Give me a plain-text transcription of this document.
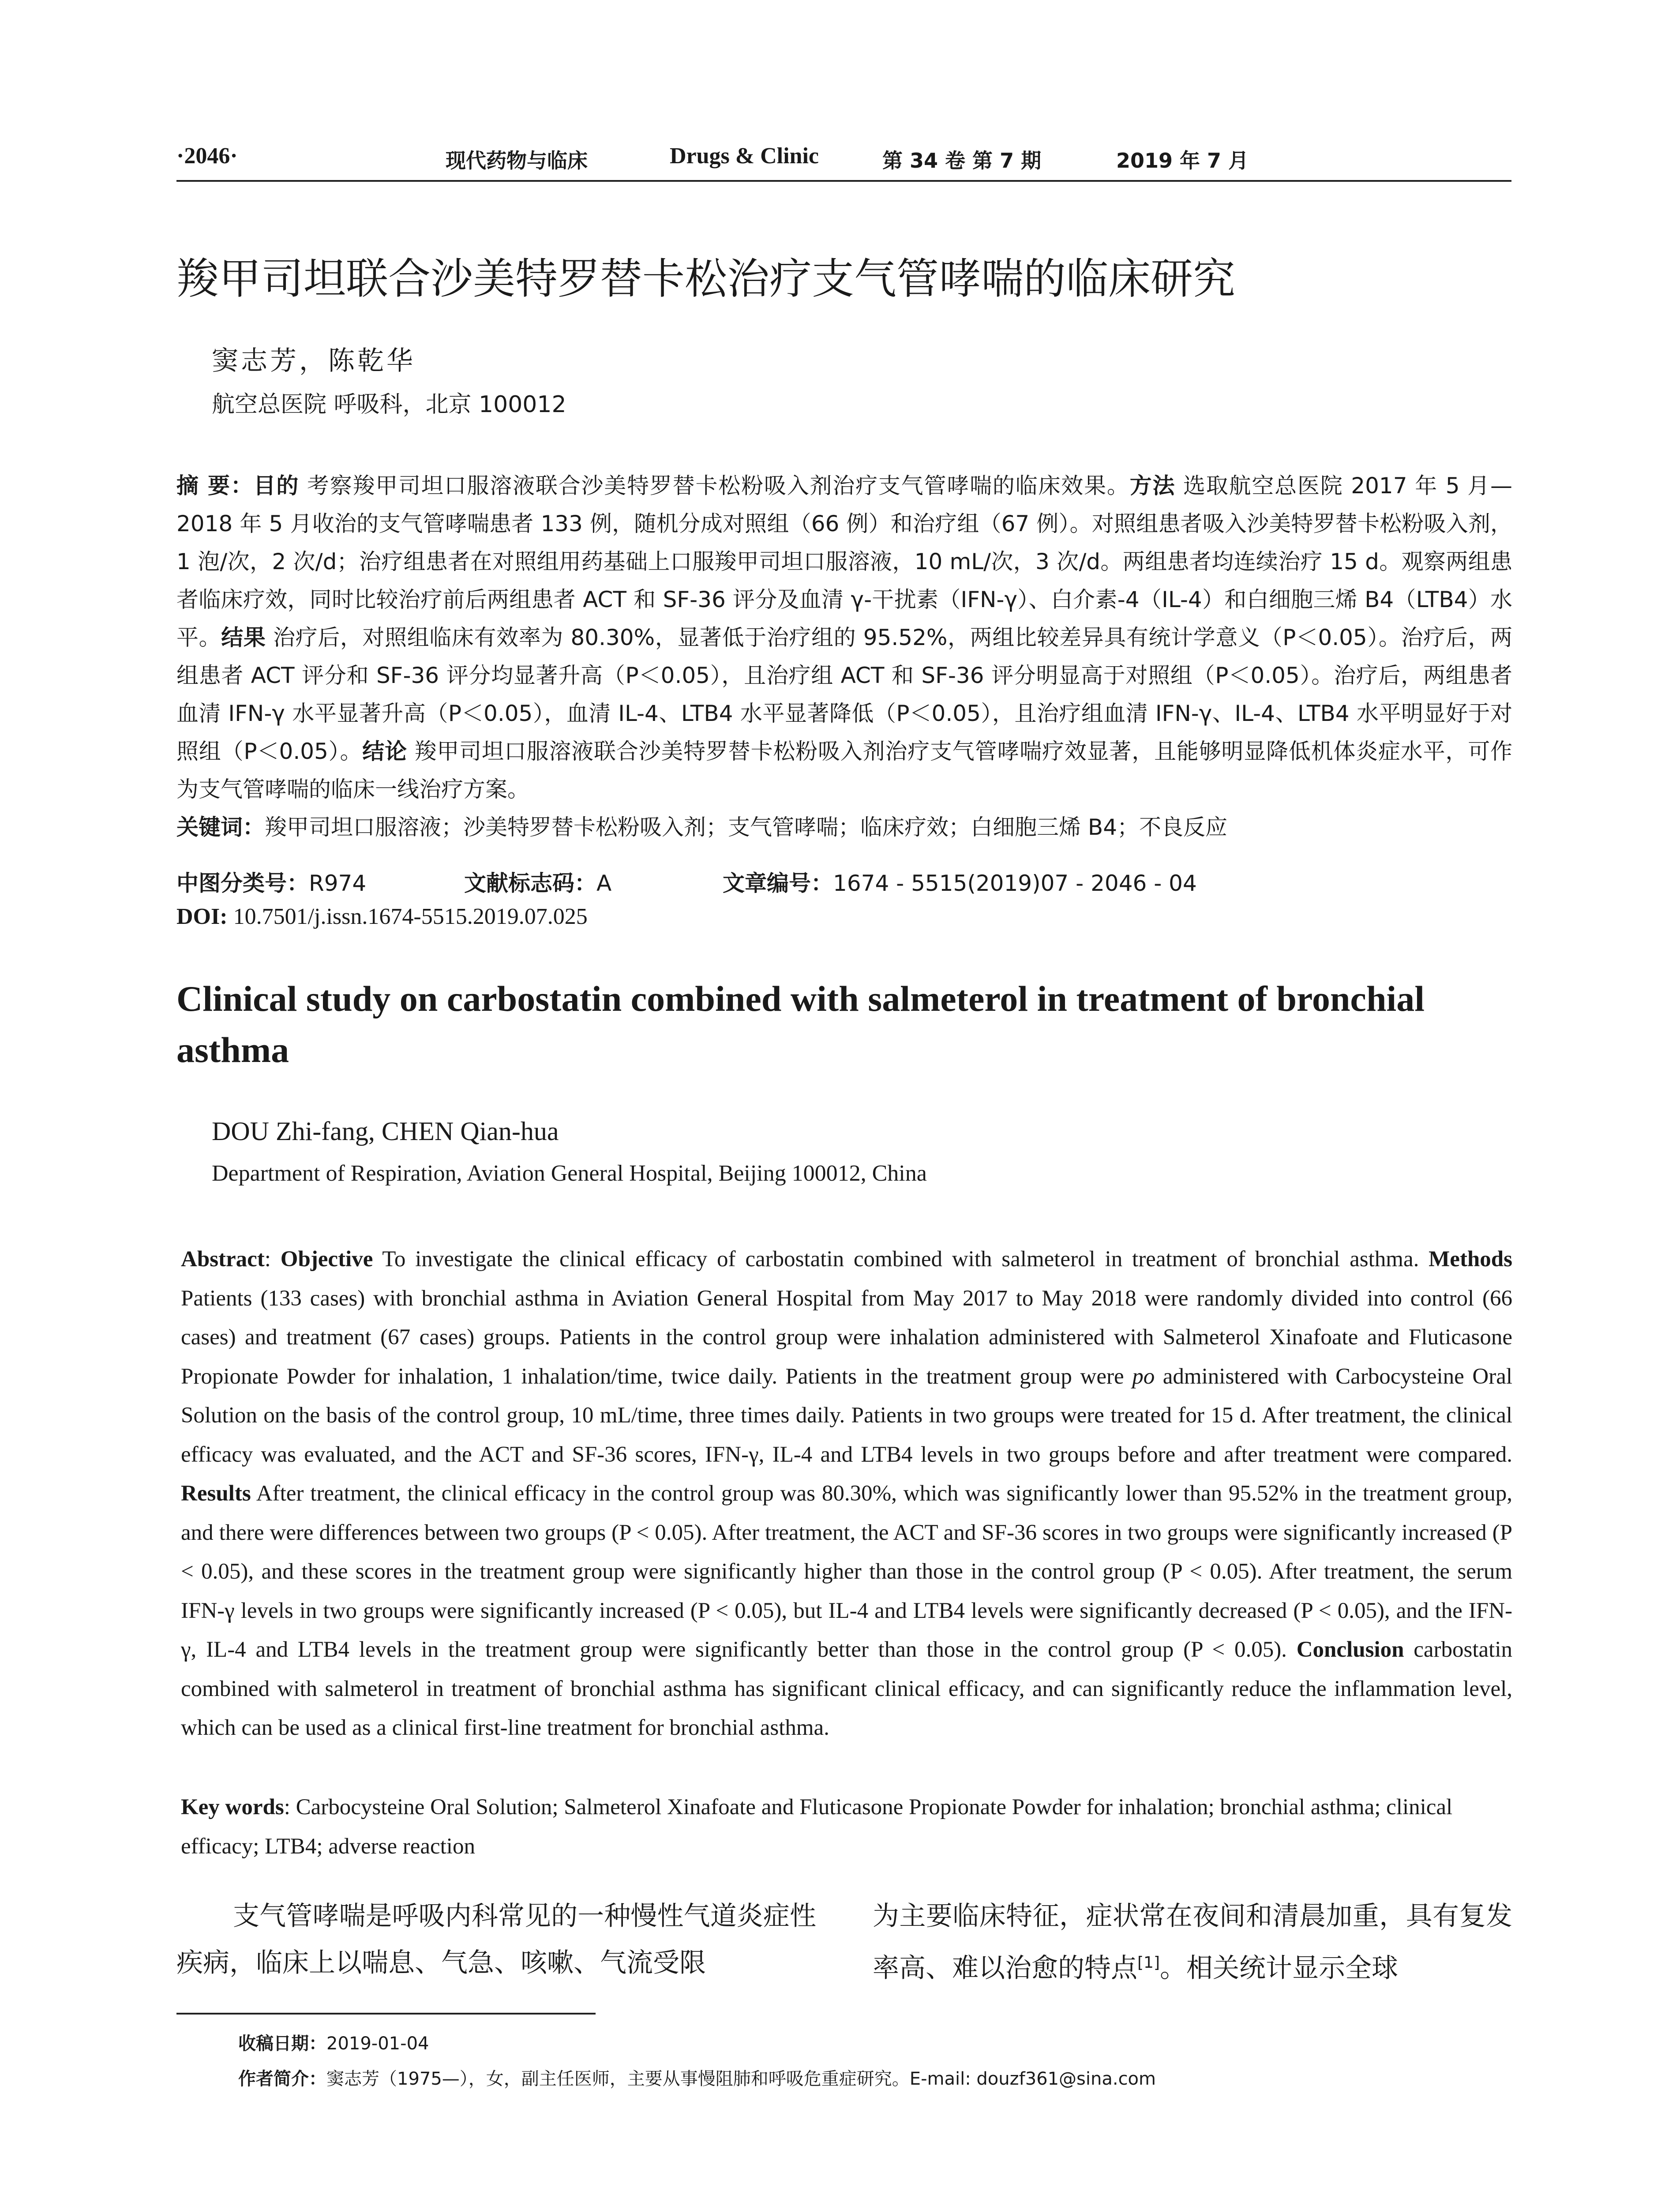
·2046·	现代药物与临床	Drugs & Clinic	第 34 卷 第 7 期	2019 年 7 月
羧甲司坦联合沙美特罗替卡松治疗支气管哮喘的临床研究
窦志芳，陈乾华
航空总医院 呼吸科，北京 100012
摘 要：目的 考察羧甲司坦口服溶液联合沙美特罗替卡松粉吸入剂治疗支气管哮喘的临床效果。方法 选取航空总医院 2017 年 5 月—2018 年 5 月收治的支气管哮喘患者 133 例，随机分成对照组（66 例）和治疗组（67 例）。对照组患者吸入沙美特罗替卡松粉吸入剂，1 泡/次，2 次/d；治疗组患者在对照组用药基础上口服羧甲司坦口服溶液，10 mL/次，3 次/d。两组患者均连续治疗 15 d。观察两组患者临床疗效，同时比较治疗前后两组患者 ACT 和 SF-36 评分及血清 γ-干扰素（IFN-γ）、白介素-4（IL-4）和白细胞三烯 B4（LTB4）水平。结果 治疗后，对照组临床有效率为 80.30%，显著低于治疗组的 95.52%，两组比较差异具有统计学意义（P＜0.05）。治疗后，两组患者 ACT 评分和 SF-36 评分均显著升高（P＜0.05），且治疗组 ACT 和 SF-36 评分明显高于对照组（P＜0.05）。治疗后，两组患者血清 IFN-γ 水平显著升高（P＜0.05），血清 IL-4、LTB4 水平显著降低（P＜0.05），且治疗组血清 IFN-γ、IL-4、LTB4 水平明显好于对照组（P＜0.05）。结论 羧甲司坦口服溶液联合沙美特罗替卡松粉吸入剂治疗支气管哮喘疗效显著，且能够明显降低机体炎症水平，可作为支气管哮喘的临床一线治疗方案。
关键词：羧甲司坦口服溶液；沙美特罗替卡松粉吸入剂；支气管哮喘；临床疗效；白细胞三烯 B4；不良反应
中图分类号：R974	文献标志码：A	文章编号：1674 - 5515(2019)07 - 2046 - 04
DOI: 10.7501/j.issn.1674-5515.2019.07.025
Clinical study on carbostatin combined with salmeterol in treatment of bronchial asthma
DOU Zhi-fang, CHEN Qian-hua
Department of Respiration, Aviation General Hospital, Beijing 100012, China
Abstract: Objective To investigate the clinical efficacy of carbostatin combined with salmeterol in treatment of bronchial asthma. Methods Patients (133 cases) with bronchial asthma in Aviation General Hospital from May 2017 to May 2018 were randomly divided into control (66 cases) and treatment (67 cases) groups. Patients in the control group were inhalation administered with Salmeterol Xinafoate and Fluticasone Propionate Powder for inhalation, 1 inhalation/time, twice daily. Patients in the treatment group were po administered with Carbocysteine Oral Solution on the basis of the control group, 10 mL/time, three times daily. Patients in two groups were treated for 15 d. After treatment, the clinical efficacy was evaluated, and the ACT and SF-36 scores, IFN-γ, IL-4 and LTB4 levels in two groups before and after treatment were compared. Results After treatment, the clinical efficacy in the control group was 80.30%, which was significantly lower than 95.52% in the treatment group, and there were differences between two groups (P < 0.05). After treatment, the ACT and SF-36 scores in two groups were significantly increased (P < 0.05), and these scores in the treatment group were significantly higher than those in the control group (P < 0.05). After treatment, the serum IFN-γ levels in two groups were significantly increased (P < 0.05), but IL-4 and LTB4 levels were significantly decreased (P < 0.05), and the IFN-γ, IL-4 and LTB4 levels in the treatment group were significantly better than those in the control group (P < 0.05). Conclusion carbostatin combined with salmeterol in treatment of bronchial asthma has significant clinical efficacy, and can significantly reduce the inflammation level, which can be used as a clinical first-line treatment for bronchial asthma.
Key words: Carbocysteine Oral Solution; Salmeterol Xinafoate and Fluticasone Propionate Powder for inhalation; bronchial asthma; clinical efficacy; LTB4; adverse reaction
支气管哮喘是呼吸内科常见的一种慢性气道炎症性疾病，临床上以喘息、气急、咳嗽、气流受限
为主要临床特征，症状常在夜间和清晨加重，具有复发率高、难以治愈的特点[1]。相关统计显示全球
收稿日期：2019-01-04
作者简介：窦志芳（1975—），女，副主任医师，主要从事慢阻肺和呼吸危重症研究。E-mail: douzf361@sina.com
